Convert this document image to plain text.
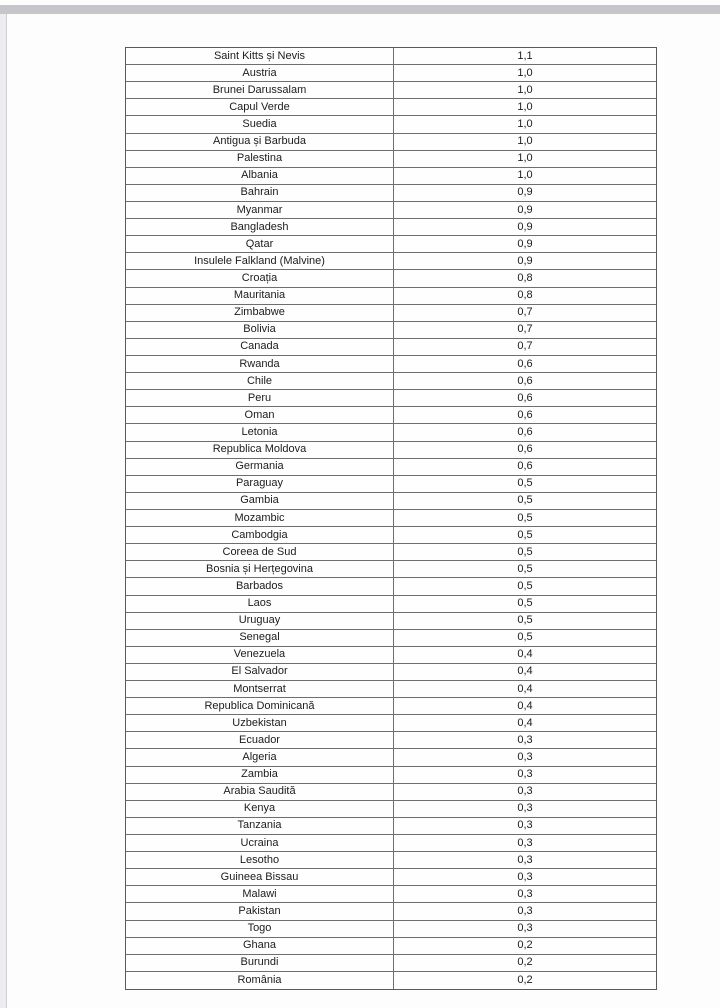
Saint Kitts și Nevis	1,1
Austria	1,0
Brunei Darussalam	1,0
Capul Verde	1,0
Suedia	1,0
Antigua și Barbuda	1,0
Palestina	1,0
Albania	1,0
Bahrain	0,9
Myanmar	0,9
Bangladesh	0,9
Qatar	0,9
Insulele Falkland (Malvine)	0,9
Croația	0,8
Mauritania	0,8
Zimbabwe	0,7
Bolivia	0,7
Canada	0,7
Rwanda	0,6
Chile	0,6
Peru	0,6
Oman	0,6
Letonia	0,6
Republica Moldova	0,6
Germania	0,6
Paraguay	0,5
Gambia	0,5
Mozambic	0,5
Cambodgia	0,5
Coreea de Sud	0,5
Bosnia și Herțegovina	0,5
Barbados	0,5
Laos	0,5
Uruguay	0,5
Senegal	0,5
Venezuela	0,4
El Salvador	0,4
Montserrat	0,4
Republica Dominicană	0,4
Uzbekistan	0,4
Ecuador	0,3
Algeria	0,3
Zambia	0,3
Arabia Saudită	0,3
Kenya	0,3
Tanzania	0,3
Ucraina	0,3
Lesotho	0,3
Guineea Bissau	0,3
Malawi	0,3
Pakistan	0,3
Togo	0,3
Ghana	0,2
Burundi	0,2
România	0,2
